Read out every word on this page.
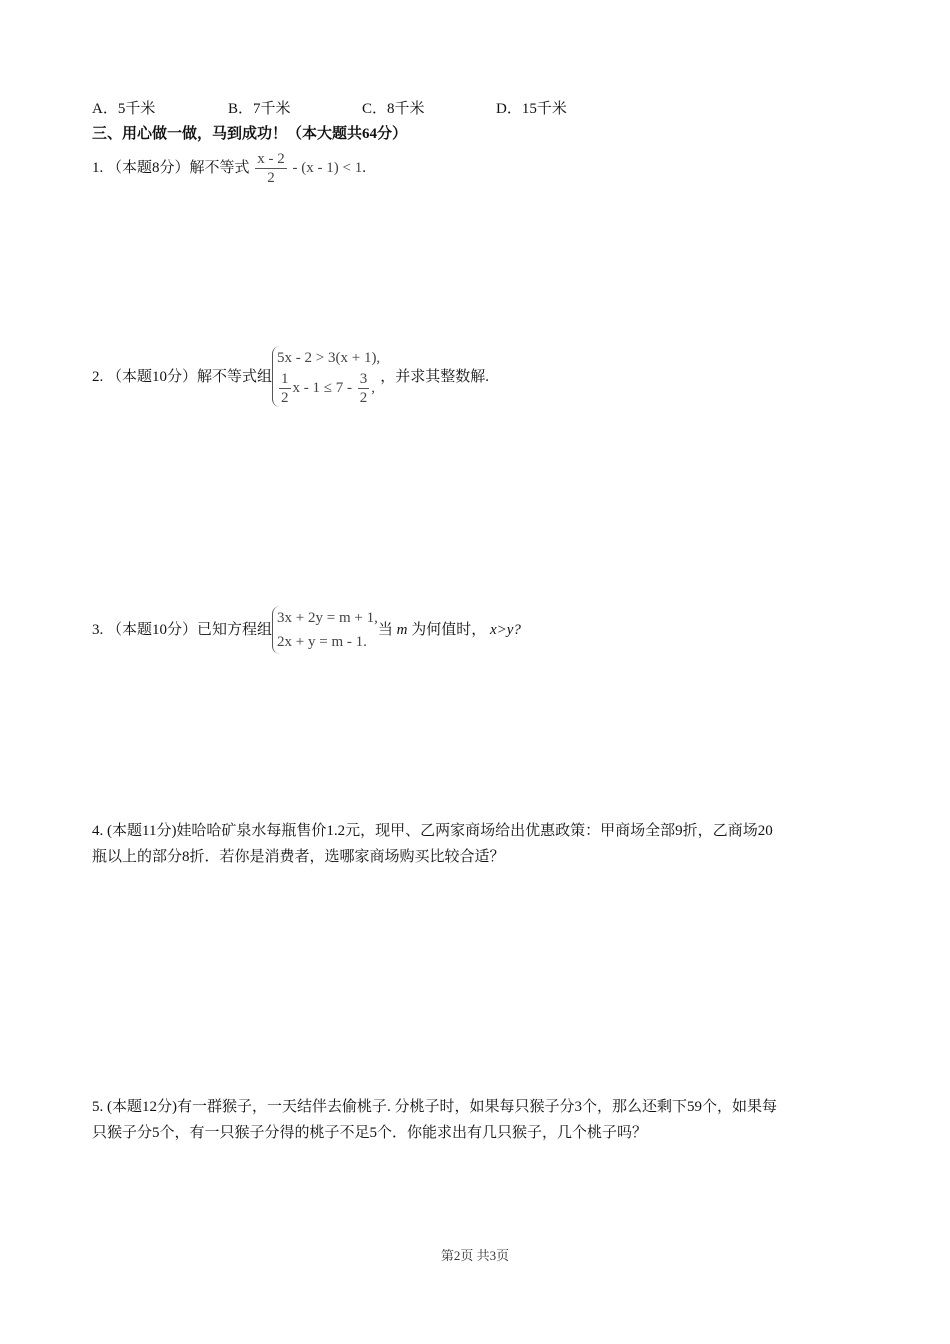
A．5千米	B．7千米	C．8千米	D．15千米
三、用心做一做，马到成功！（本大题共64分）
1. （本题8分）解不等式 $\frac{x - 2}{2} - (x - 1) < 1$.
2.
（本题10分） 解不等式组
5x - 2 > 3(x + 1),
$\frac{1}{2}$ $x - 1 \le 7 - \frac{3}{2}$ ,
，并求其整数解.
3.
（本题10分） 已知方程组
3x + 2y = m + 1,
2x + y = m - 1.
当
m
为何值时，
x>y?
4. (本题11分)娃哈哈矿泉水每瓶售价1.2元，现甲、乙两家商场给出优惠政策：甲商场全部9折，乙商场20
瓶以上的部分8折．若你是消费者，选哪家商场购买比较合适？
5. (本题12分)有一群猴子，一天结伴去偷桃子. 分桃子时，如果每只猴子分3个，那么还剩下59个，如果每
只猴子分5个，有一只猴子分得的桃子不足5个．你能求出有几只猴子，几个桃子吗？
第2页 共3页
